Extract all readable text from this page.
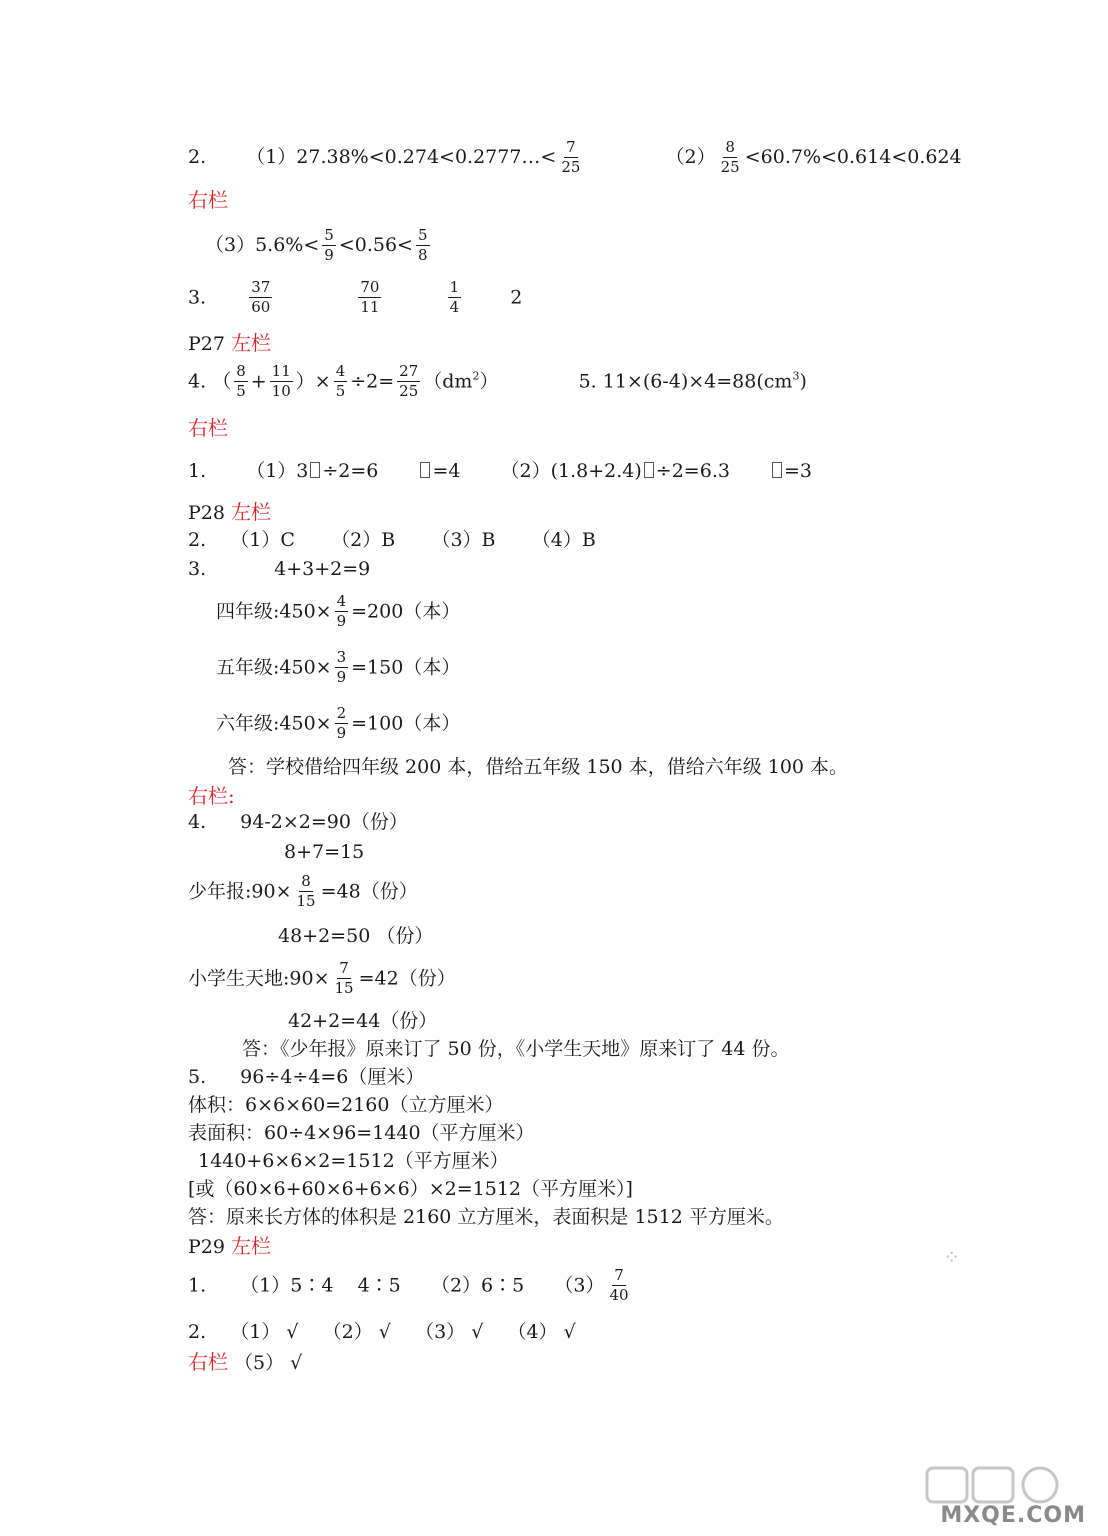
2. （1）27.38%<0.274<0.2777…< $\frac{7}{25}$	$(2) \frac{8}{25} <60.7\%<0.614<0.624$
右栏
$(3)5.6\%< \frac{5}{9} <0.56< \frac{5}{8}$
3.	$\frac{37}{60}$
	$\frac{70}{11}$
	$\frac{1}{4}$	2
P27 左栏
4. （ $\frac{8}{5} + \frac{11}{10}$ ）× $\frac{4}{5} \div 2= \frac{27}{25} (dm^2)$	5. $11\times(6-4)\times 4=88(cm^3)$
右栏
1. （1）3 ÷2=6	=4 （2）(1.8+2.4) ÷2=6.3	=3
P28 左栏
2.    （1）C      （2）B      （3）B      （4）B
3.	4+3+2=9
四年级:450× $\frac{4}{9} =200$（本）
五年级:450× $\frac{3}{9} =150$（本）
六年级:450× $\frac{2}{9} =100$（本）
答：学校借给四年级 200 本，借给五年级 150 本，借给六年级 100 本。
右栏:
4. 94-2×2=90（份）
8+7=15
少年报:90× $\frac{8}{15} =48$（份）
48+2=50 （份）
小学生天地:90× $\frac{7}{15} =42$（份）
42+2=44（份）
答：《少年报》原来订了 50 份，《小学生天地》原来订了 44 份。
5. 96÷4÷4=6（厘米）
体积：6×6×60=2160（立方厘米）
表面积：60÷4×96=1440（平方厘米）
1440+6×6×2=1512（平方厘米）
[或（60×6+60×6+6×6）×2=1512（平方厘米）]
答：原来长方体的体积是 2160 立方厘米，表面积是 1512 平方厘米。
P29 左栏
1. （1）5∶4    4∶5     （2）6∶5     $(3) \frac{7}{40}$
2.    （1） √    （2） √    （3） √    （4） √
右栏 （5） √
⁘
MXQE.COM
